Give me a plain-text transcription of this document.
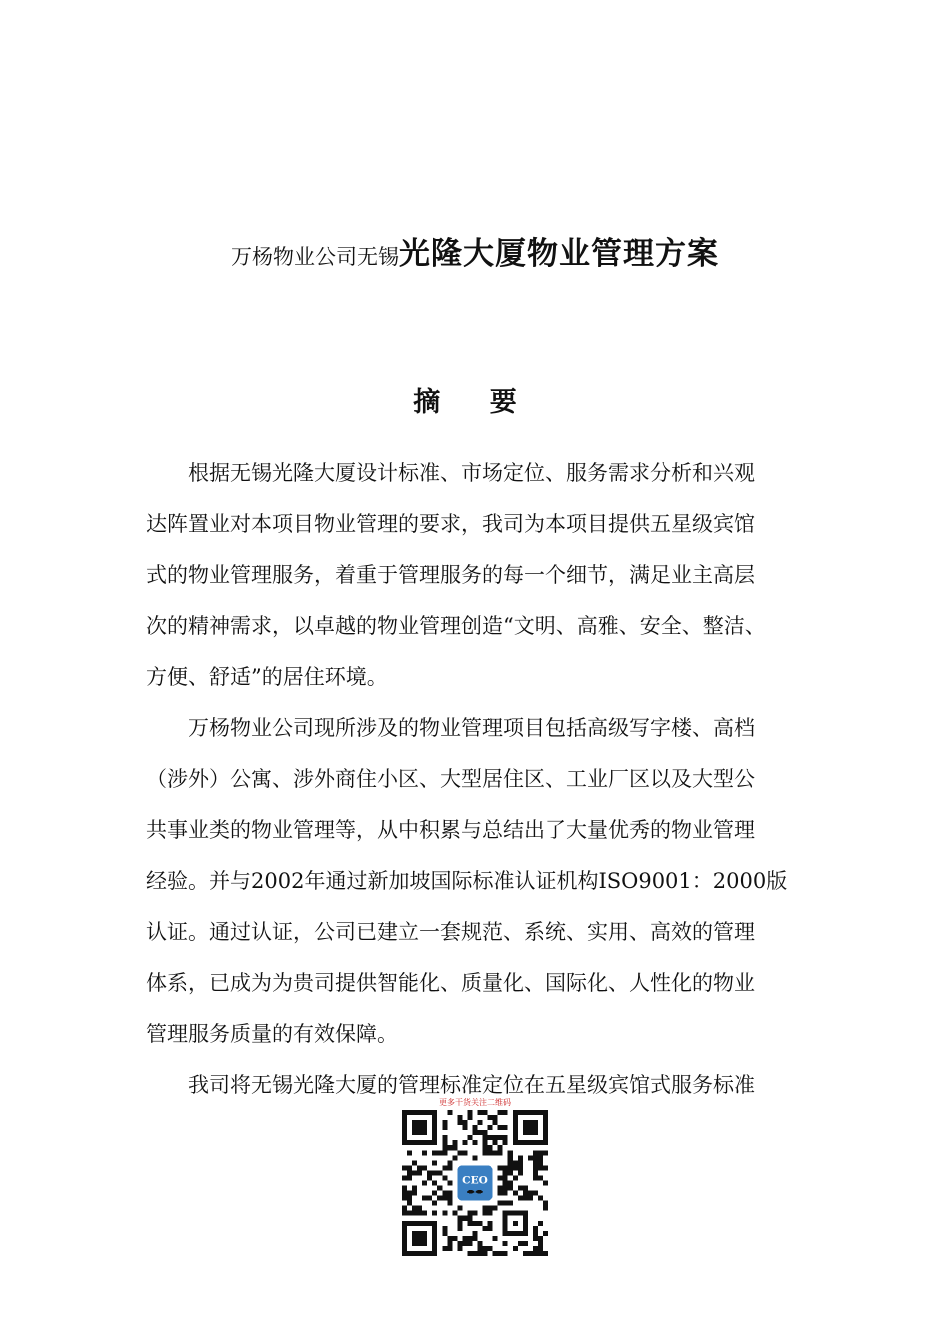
万杨物业公司无锡光隆大厦物业管理方案
摘 要
根据无锡光隆大厦设计标准、市场定位、服务需求分析和兴观
达阵置业对本项目物业管理的要求，我司为本项目提供五星级宾馆
式的物业管理服务，着重于管理服务的每一个细节，满足业主高层
次的精神需求，以卓越的物业管理创造“文明、高雅、安全、整洁、
方便、舒适”的居住环境。
万杨物业公司现所涉及的物业管理项目包括高级写字楼、高档
（涉外）公寓、涉外商住小区、大型居住区、工业厂区以及大型公
共事业类的物业管理等，从中积累与总结出了大量优秀的物业管理
经验。并与2002年通过新加坡国际标准认证机构ISO9001：2000版
认证。通过认证，公司已建立一套规范、系统、实用、高效的管理
体系，已成为为贵司提供智能化、质量化、国际化、人性化的物业
管理服务质量的有效保障。
我司将无锡光隆大厦的管理标准定位在五星级宾馆式服务标准
更多干货关注二维码
CEO
